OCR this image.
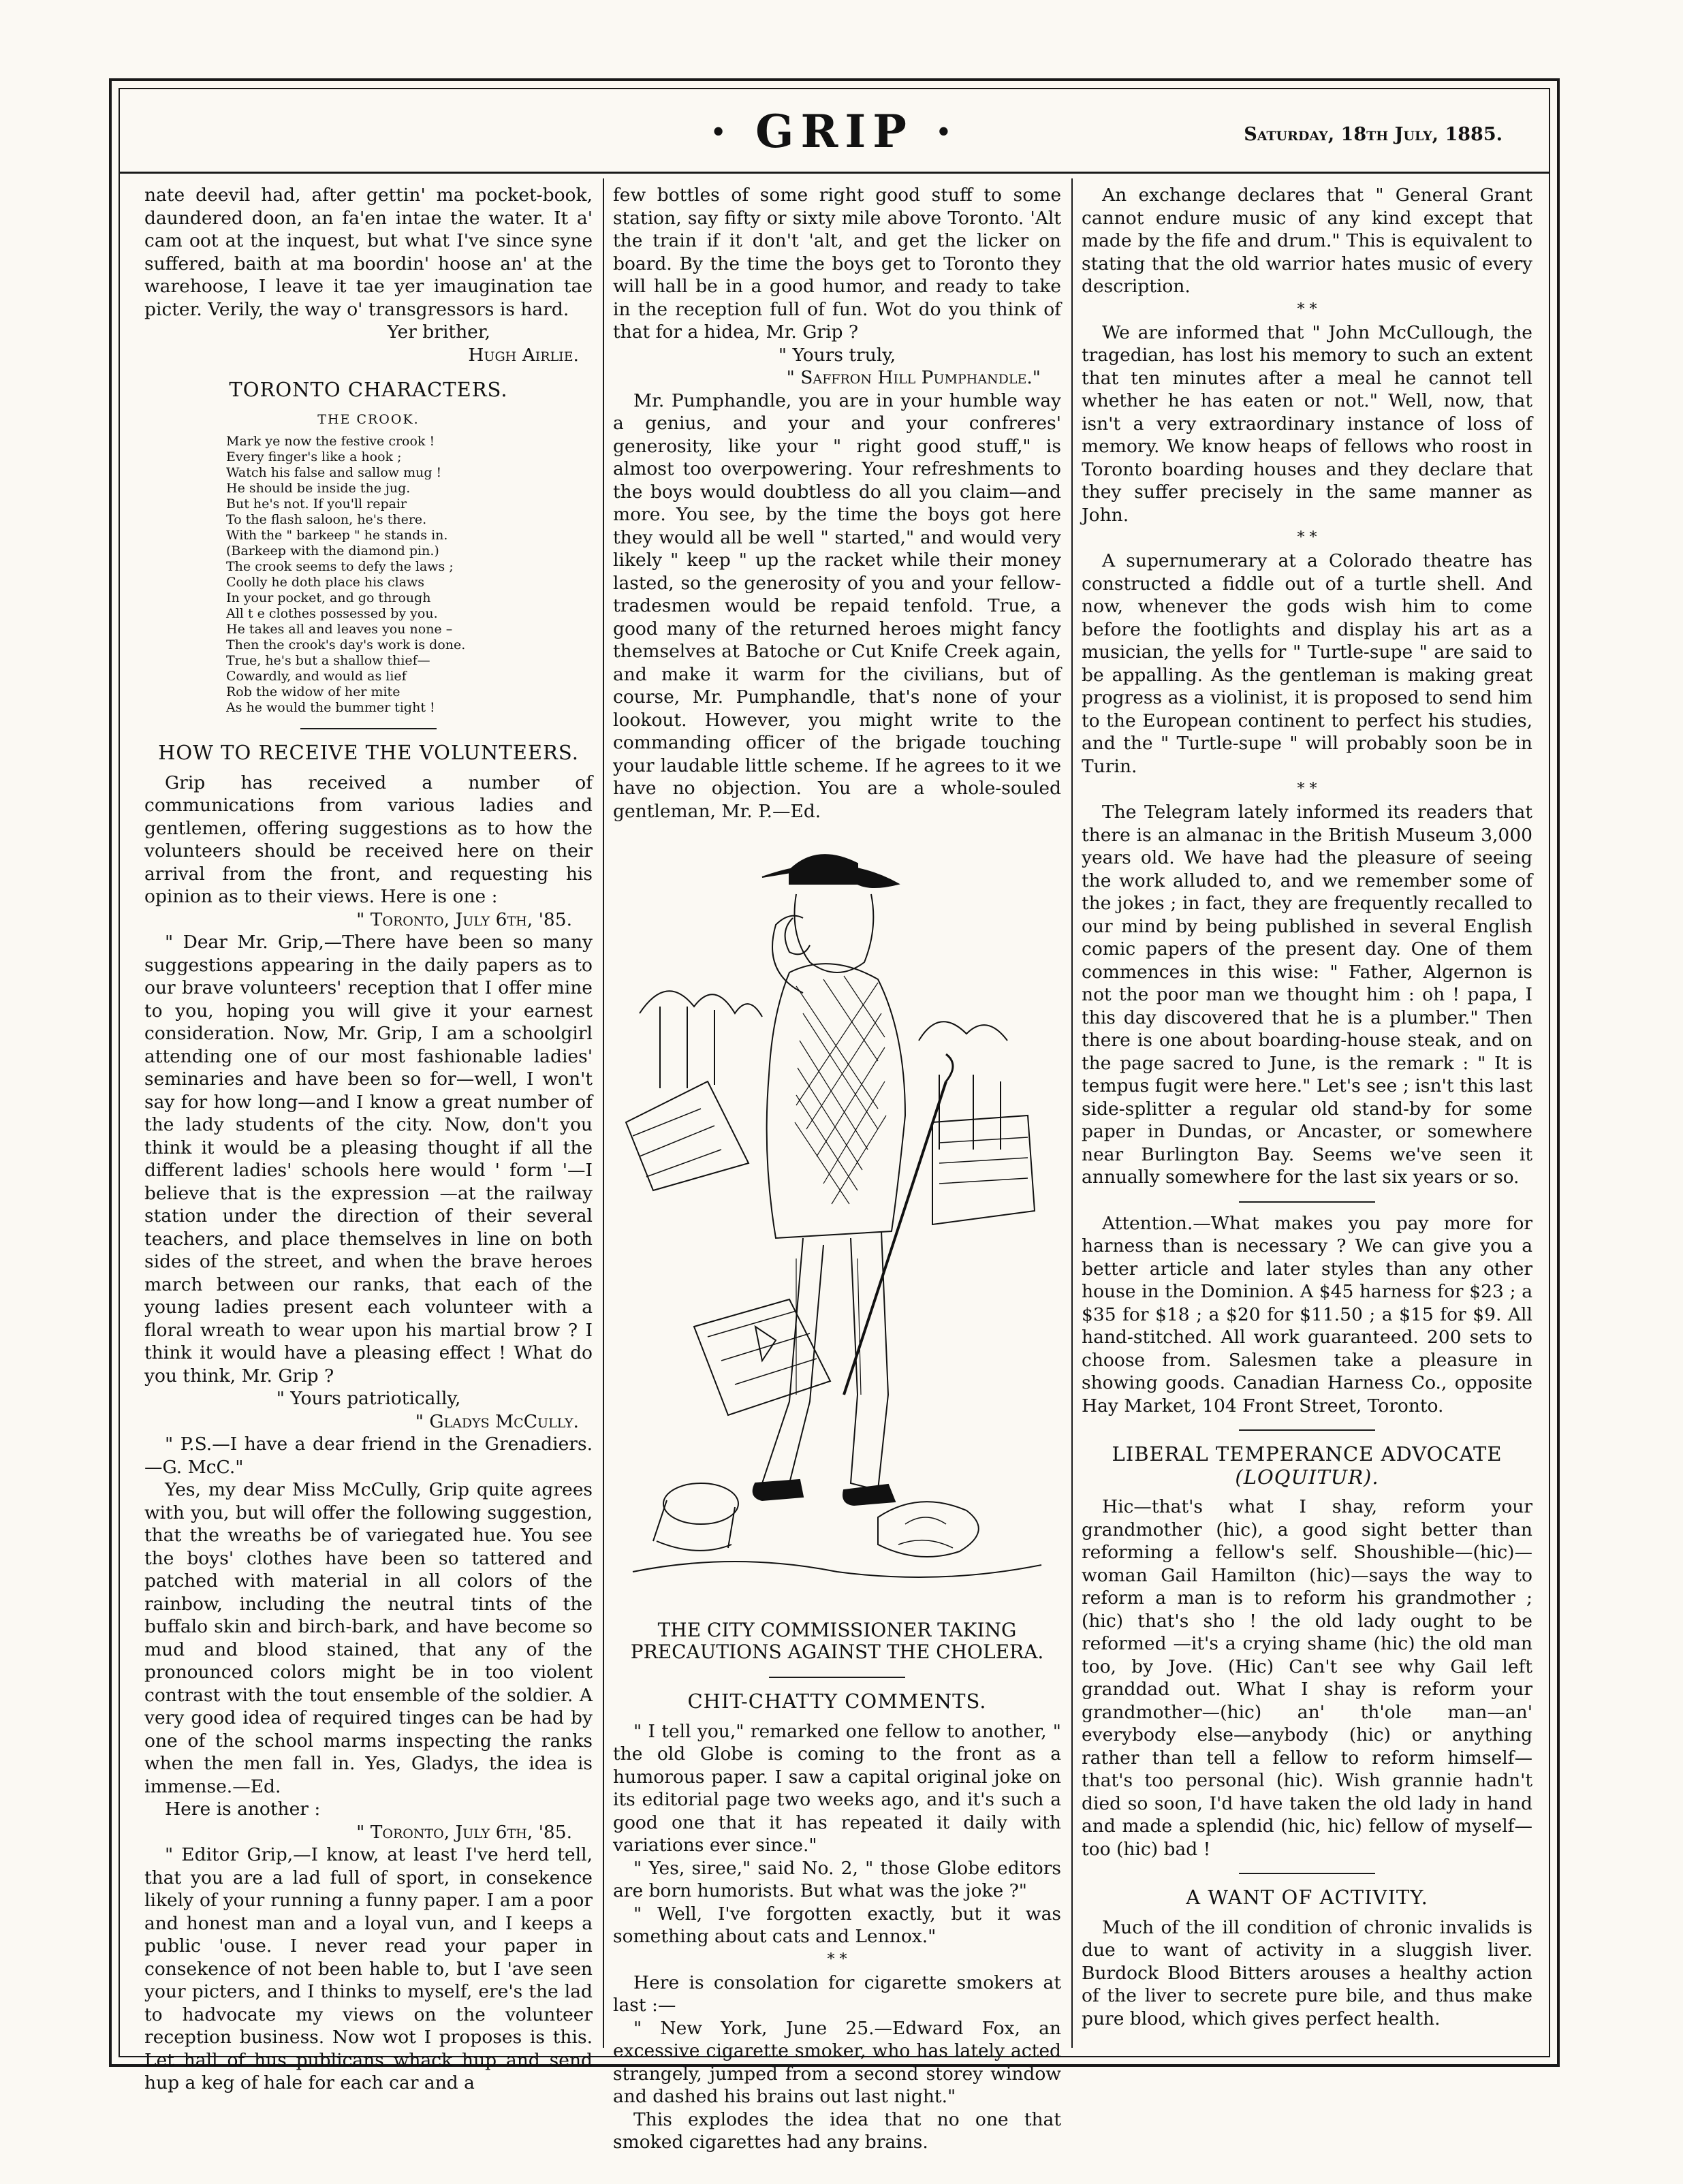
· GRIP ·	Saturday, 18th July, 1885.

nate deevil had, after gettin' ma pocket-book, daundered doon, an fa'en intae the water. It a' cam oot at the inquest, but what I've since syne suffered, baith at ma boordin' hoose an' at the warehoose, I leave it tae yer imaugination tae picter. Verily, the way o' transgressors is hard.

Yer brither,

Hugh Airlie.

TORONTO CHARACTERS.
THE CROOK.
Mark ye now the festive crook !
Every finger's like a hook ;
Watch his false and sallow mug !
He should be inside the jug.
But he's not. If you'll repair
To the flash saloon, he's there.
With the " barkeep " he stands in.
(Barkeep with the diamond pin.)
The crook seems to defy the laws ;
Coolly he doth place his claws
In your pocket, and go through
All t e clothes possessed by you.
He takes all and leaves you none –
Then the crook's day's work is done.
True, he's but a shallow thief—
Cowardly, and would as lief
Rob the widow of her mite
As he would the bummer tight !
HOW TO RECEIVE THE VOLUNTEERS.

Grip has received a number of communications from various ladies and gentlemen, offering suggestions as to how the volunteers should be received here on their arrival from the front, and requesting his opinion as to their views. Here is one :

" Toronto, July 6th, '85.

" Dear Mr. Grip,—There have been so many suggestions appearing in the daily papers as to our brave volunteers' reception that I offer mine to you, hoping you will give it your earnest consideration. Now, Mr. Grip, I am a schoolgirl attending one of our most fashionable ladies' seminaries and have been so for—well, I won't say for how long—and I know a great number of the lady students of the city. Now, don't you think it would be a pleasing thought if all the different ladies' schools here would ' form '—I believe that is the expression —at the railway station under the direction of their several teachers, and place themselves in line on both sides of the street, and when the brave heroes march between our ranks, that each of the young ladies present each volunteer with a floral wreath to wear upon his martial brow ? I think it would have a pleasing effect ! What do you think, Mr. Grip ?

" Yours patriotically,

" Gladys McCully.

" P.S.—I have a dear friend in the Grenadiers.—G. McC."

Yes, my dear Miss McCully, Grip quite agrees with you, but will offer the following suggestion, that the wreaths be of variegated hue. You see the boys' clothes have been so tattered and patched with material in all colors of the rainbow, including the neutral tints of the buffalo skin and birch-bark, and have become so mud and blood stained, that any of the pronounced colors might be in too violent contrast with the tout ensemble of the soldier. A very good idea of required tinges can be had by one of the school marms inspecting the ranks when the men fall in. Yes, Gladys, the idea is immense.—Ed.

Here is another :

" Toronto, July 6th, '85.

" Editor Grip,—I know, at least I've herd tell, that you are a lad full of sport, in consekence likely of your running a funny paper. I am a poor and honest man and a loyal vun, and I keeps a public 'ouse. I never read your paper in consekence of not been hable to, but I 'ave seen your picters, and I thinks to myself, ere's the lad to hadvocate my views on the volunteer reception business. Now wot I proposes is this. Let hall of hus publicans whack hup and send hup a keg of hale for each car and a

few bottles of some right good stuff to some station, say fifty or sixty mile above Toronto. 'Alt the train if it don't 'alt, and get the licker on board. By the time the boys get to Toronto they will hall be in a good humor, and ready to take in the reception full of fun. Wot do you think of that for a hidea, Mr. Grip ?

" Yours truly,

" Saffron Hill Pumphandle."

Mr. Pumphandle, you are in your humble way a genius, and your and your confreres' generosity, like your " right good stuff," is almost too overpowering. Your refreshments to the boys would doubtless do all you claim—and more. You see, by the time the boys got here they would all be well " started," and would very likely " keep " up the racket while their money lasted, so the generosity of you and your fellow-tradesmen would be repaid tenfold. True, a good many of the returned heroes might fancy themselves at Batoche or Cut Knife Creek again, and make it warm for the civilians, but of course, Mr. Pumphandle, that's none of your lookout. However, you might write to the commanding officer of the brigade touching your laudable little scheme. If he agrees to it we have no objection. You are a whole-souled gentleman, Mr. P.—Ed.

THE CITY COMMISSIONER TAKING PRECAUTIONS AGAINST THE CHOLERA.
CHIT-CHATTY COMMENTS.

" I tell you," remarked one fellow to another, " the old Globe is coming to the front as a humorous paper. I saw a capital original joke on its editorial page two weeks ago, and it's such a good one that it has repeated it daily with variations ever since."

" Yes, siree," said No. 2, " those Globe editors are born humorists. But what was the joke ?"

" Well, I've forgotten exactly, but it was something about cats and Lennox."

* *

Here is consolation for cigarette smokers at last :—

" New York, June 25.—Edward Fox, an excessive cigarette smoker, who has lately acted strangely, jumped from a second storey window and dashed his brains out last night."

This explodes the idea that no one that smoked cigarettes had any brains.

An exchange declares that " General Grant cannot endure music of any kind except that made by the fife and drum." This is equivalent to stating that the old warrior hates music of every description.

* *

We are informed that " John McCullough, the tragedian, has lost his memory to such an extent that ten minutes after a meal he cannot tell whether he has eaten or not." Well, now, that isn't a very extraordinary instance of loss of memory. We know heaps of fellows who roost in Toronto boarding houses and they declare that they suffer precisely in the same manner as John.

* *

A supernumerary at a Colorado theatre has constructed a fiddle out of a turtle shell. And now, whenever the gods wish him to come before the footlights and display his art as a musician, the yells for " Turtle-supe " are said to be appalling. As the gentleman is making great progress as a violinist, it is proposed to send him to the European continent to perfect his studies, and the " Turtle-supe " will probably soon be in Turin.

* *

The Telegram lately informed its readers that there is an almanac in the British Museum 3,000 years old. We have had the pleasure of seeing the work alluded to, and we remember some of the jokes ; in fact, they are frequently recalled to our mind by being published in several English comic papers of the present day. One of them commences in this wise: " Father, Algernon is not the poor man we thought him : oh ! papa, I this day discovered that he is a plumber." Then there is one about boarding-house steak, and on the page sacred to June, is the remark : " It is tempus fugit were here." Let's see ; isn't this last side-splitter a regular old stand-by for some paper in Dundas, or Ancaster, or somewhere near Burlington Bay. Seems we've seen it annually somewhere for the last six years or so.

Attention.—What makes you pay more for harness than is necessary ? We can give you a better article and later styles than any other house in the Dominion. A $45 harness for $23 ; a $35 for $18 ; a $20 for $11.50 ; a $15 for $9. All hand-stitched. All work guaranteed. 200 sets to choose from. Salesmen take a pleasure in showing goods. Canadian Harness Co., opposite Hay Market, 104 Front Street, Toronto.

LIBERAL TEMPERANCE ADVOCATE
(LOQUITUR).

Hic—that's what I shay, reform your grandmother (hic), a good sight better than reforming a fellow's self. Shoushible—(hic)—woman Gail Hamilton (hic)—says the way to reform a man is to reform his grandmother ; (hic) that's sho ! the old lady ought to be reformed —it's a crying shame (hic) the old man too, by Jove. (Hic) Can't see why Gail left granddad out. What I shay is reform your grandmother—(hic) an' th'ole man—an' everybody else—anybody (hic) or anything rather than tell a fellow to reform himself—that's too personal (hic). Wish grannie hadn't died so soon, I'd have taken the old lady in hand and made a splendid (hic, hic) fellow of myself—too (hic) bad !

A WANT OF ACTIVITY.

Much of the ill condition of chronic invalids is due to want of activity in a sluggish liver. Burdock Blood Bitters arouses a healthy action of the liver to secrete pure bile, and thus make pure blood, which gives perfect health.
